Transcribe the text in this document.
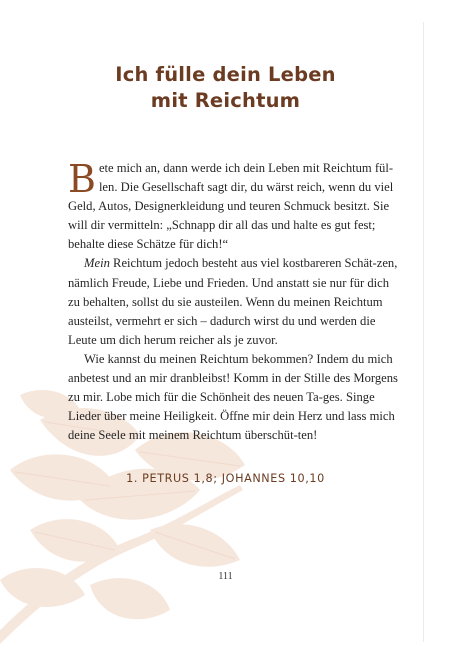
Ich fülle dein Leben
mit Reichtum

Bete mich an, dann werde ich dein Leben mit Reichtum fül-len. Die Gesellschaft sagt dir, du wärst reich, wenn du viel Geld, Autos, Designerkleidung und teuren Schmuck besitzt. Sie will dir vermitteln: „Schnapp dir all das und halte es gut fest; behalte diese Schätze für dich!“

Mein Reichtum jedoch besteht aus viel kostbareren Schät-zen, nämlich Freude, Liebe und Frieden. Und anstatt sie nur für dich zu behalten, sollst du sie austeilen. Wenn du meinen Reichtum austeilst, vermehrt er sich – dadurch wirst du und werden die Leute um dich herum reicher als je zuvor.

Wie kannst du meinen Reichtum bekommen? Indem du mich anbetest und an mir dranbleibst! Komm in der Stille des Morgens zu mir. Lobe mich für die Schönheit des neuen Ta-ges. Singe Lieder über meine Heiligkeit. Öffne mir dein Herz und lass mich deine Seele mit meinem Reichtum überschüt-ten!

1. PETRUS 1,8; JOHANNES 10,10
111
